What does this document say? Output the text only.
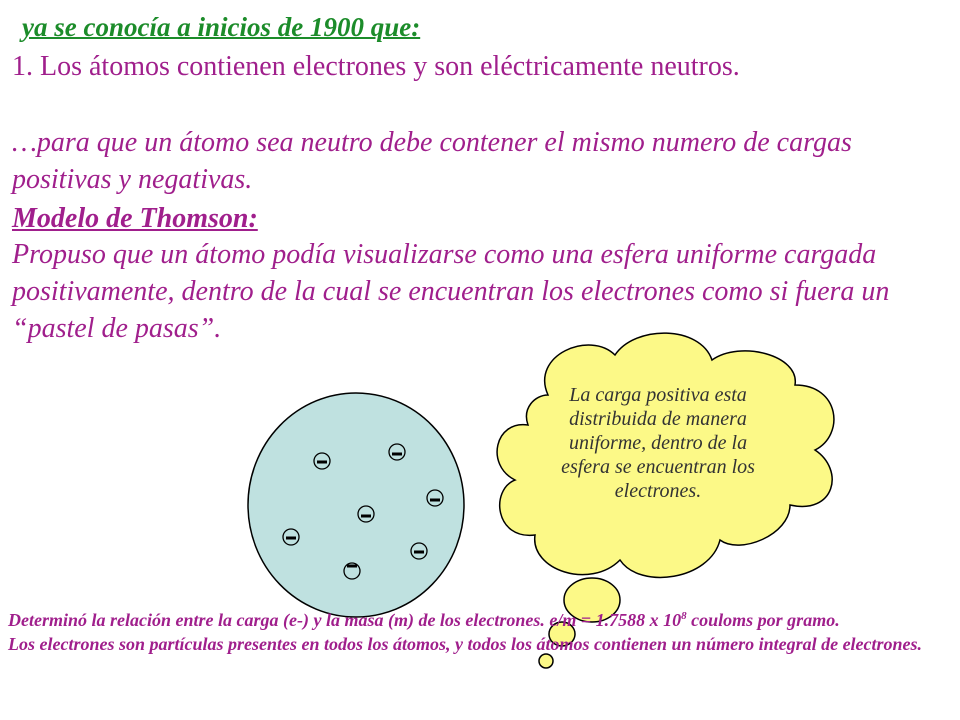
ya se conocía a inicios de 1900 que:

1. Los átomos contienen electrones y son eléctricamente neutros.

…para que un átomo sea neutro debe contener el mismo numero de cargas positivas y negativas.

Modelo de Thomson:

Propuso que un átomo podía visualizarse como una esfera uniforme cargada positivamente, dentro de la cual se encuentran los electrones como si fuera un “pastel de pasas”.

La carga positiva esta distribuida de manera uniforme, dentro de la esfera se encuentran los electrones.

Determinó la relación entre la carga (e-) y la masa (m) de los electrones. e/m = 1.7588 x $10^8$ couloms por gramo.
Los electrones son partículas presentes en todos los átomos, y todos los átomos contienen un número integral de electrones.
